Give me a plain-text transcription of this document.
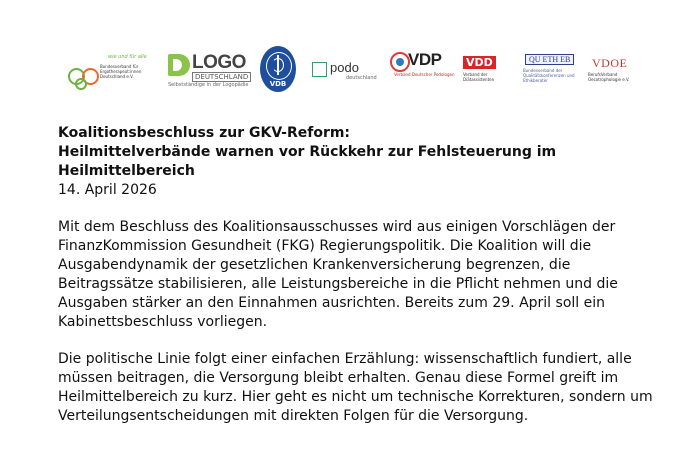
wie und für alle
Bundesverband für Ergotherapeut:innen Deutschland e.V.
LOGO
DEUTSCHLAND
Selbstständige in der Logopädie	VDB
podo
deutschland
VDP
Verband Deutscher Podologen
VDD
Verband der Diätassistenten
QU ETH EB
Bundesverband der Qualitätskonferenzen und Ethikberater
VDOE
BerufsVerband Oecotrophologie e.V.

Koalitionsbeschluss zur GKV-Reform:

Heilmittelverbände warnen vor Rückkehr zur Fehlsteuerung im Heilmittelbereich

14. April 2026

Mit dem Beschluss des Koalitionsausschusses wird aus einigen Vorschlägen der FinanzKommission Gesundheit (FKG) Regierungspolitik. Die Koalition will die Ausgabendynamik der gesetzlichen Krankenversicherung begrenzen, die Beitragssätze stabilisieren, alle Leistungsbereiche in die Pflicht nehmen und die Ausgaben stärker an den Einnahmen ausrichten. Bereits zum 29. April soll ein Kabinettsbeschluss vorliegen.

Die politische Linie folgt einer einfachen Erzählung: wissenschaftlich fundiert, alle müssen beitragen, die Versorgung bleibt erhalten. Genau diese Formel greift im Heilmittelbereich zu kurz. Hier geht es nicht um technische Korrekturen, sondern um Verteilungsentscheidungen mit direkten Folgen für die Versorgung.
